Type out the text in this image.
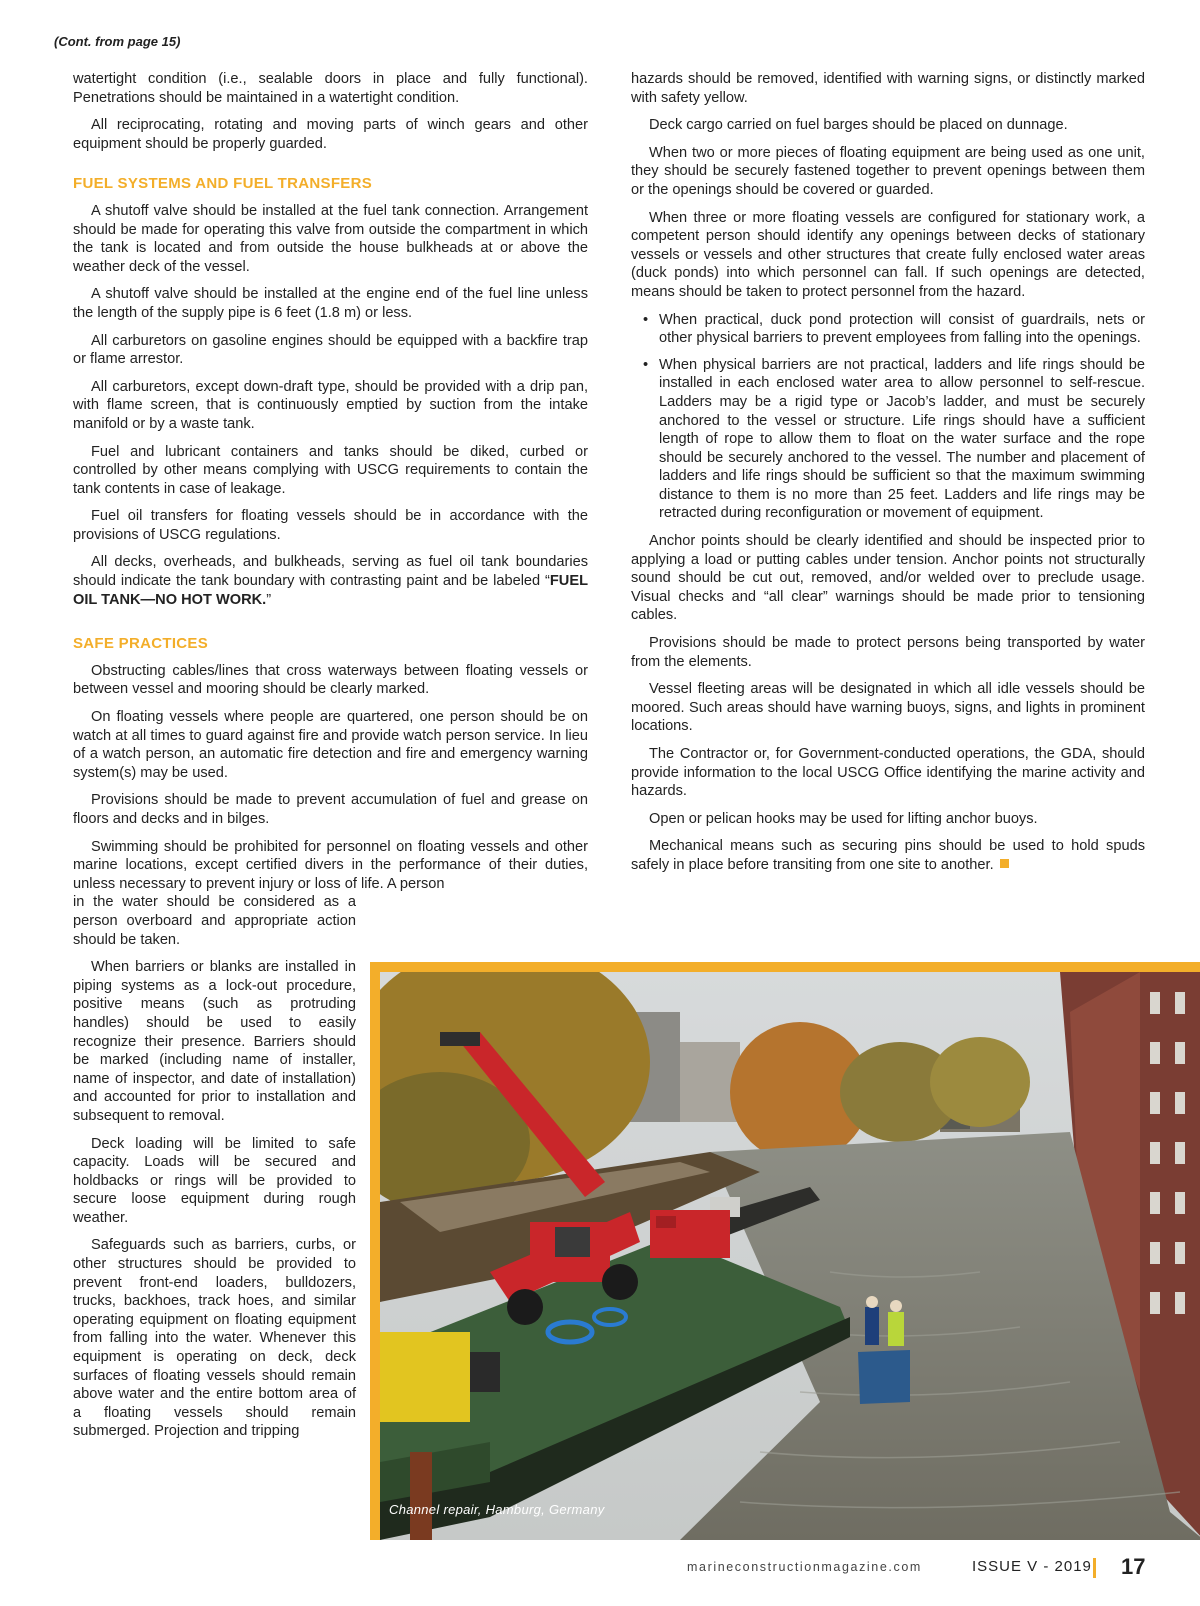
(Cont. from page 15)

watertight condition (i.e., sealable doors in place and fully functional). Penetrations should be maintained in a watertight condition.

All reciprocating, rotating and moving parts of winch gears and other equipment should be properly guarded.

FUEL SYSTEMS AND FUEL TRANSFERS

A shutoff valve should be installed at the fuel tank connection. Arrangement should be made for operating this valve from outside the compartment in which the tank is located and from outside the house bulkheads at or above the weather deck of the vessel.

A shutoff valve should be installed at the engine end of the fuel line unless the length of the supply pipe is 6 feet (1.8 m) or less.

All carburetors on gasoline engines should be equipped with a backfire trap or flame arrestor.

All carburetors, except down-draft type, should be provided with a drip pan, with flame screen, that is continuously emptied by suction from the intake manifold or by a waste tank.

Fuel and lubricant containers and tanks should be diked, curbed or controlled by other means complying with USCG requirements to contain the tank contents in case of leakage.

Fuel oil transfers for floating vessels should be in accordance with the provisions of USCG regulations.

All decks, overheads, and bulkheads, serving as fuel oil tank boundaries should indicate the tank boundary with contrasting paint and be labeled “FUEL OIL TANK—NO HOT WORK.”

SAFE PRACTICES

Obstructing cables/lines that cross waterways between floating vessels or between vessel and mooring should be clearly marked.

On floating vessels where people are quartered, one person should be on watch at all times to guard against fire and provide watch person service. In lieu of a watch person, an automatic fire detection and fire and emergency warning system(s) may be used.

Provisions should be made to prevent accumulation of fuel and grease on floors and decks and in bilges.

Swimming should be prohibited for personnel on floating vessels and other marine locations, except certified divers in the performance of their duties, unless necessary to prevent injury or loss of life. A person

in the water should be considered as a person overboard and appropriate action should be taken.

When barriers or blanks are installed in piping systems as a lock-out procedure, positive means (such as protruding handles) should be used to easily recognize their presence. Barriers should be marked (including name of installer, name of inspector, and date of installation) and accounted for prior to installation and subsequent to removal.

Deck loading will be limited to safe capacity. Loads will be secured and holdbacks or rings will be provided to secure loose equipment during rough weather.

Safeguards such as barriers, curbs, or other structures should be provided to prevent front-end loaders, bulldozers, trucks, backhoes, track hoes, and similar operating equipment on floating equipment from falling into the water. Whenever this equipment is operating on deck, deck surfaces of floating vessels should remain above water and the entire bottom area of a floating vessels should remain submerged. Projection and tripping

hazards should be removed, identified with warning signs, or distinctly marked with safety yellow.

Deck cargo carried on fuel barges should be placed on dunnage.

When two or more pieces of floating equipment are being used as one unit, they should be securely fastened together to prevent openings between them or the openings should be covered or guarded.

When three or more floating vessels are configured for stationary work, a competent person should identify any openings between decks of stationary vessels or vessels and other structures that create fully enclosed water areas (duck ponds) into which personnel can fall. If such openings are detected, means should be taken to protect personnel from the hazard.

• When practical, duck pond protection will consist of guardrails, nets or other physical barriers to prevent employees from falling into the openings.
• When physical barriers are not practical, ladders and life rings should be installed in each enclosed water area to allow personnel to self-rescue. Ladders may be a rigid type or Jacob’s ladder, and must be securely anchored to the vessel or structure. Life rings should have a sufficient length of rope to allow them to float on the water surface and the rope should be securely anchored to the vessel. The number and placement of ladders and life rings should be sufficient so that the maximum swimming distance to them is no more than 25 feet. Ladders and life rings may be retracted during reconfiguration or movement of equipment.

Anchor points should be clearly identified and should be inspected prior to applying a load or putting cables under tension. Anchor points not structurally sound should be cut out, removed, and/or welded over to preclude usage. Visual checks and “all clear” warnings should be made prior to tensioning cables.

Provisions should be made to protect persons being transported by water from the elements.

Vessel fleeting areas will be designated in which all idle vessels should be moored. Such areas should have warning buoys, signs, and lights in prominent locations.

The Contractor or, for Government-conducted operations, the GDA, should provide information to the local USCG Office identifying the marine activity and hazards.

Open or pelican hooks may be used for lifting anchor buoys.

Mechanical means such as securing pins should be used to hold spuds safely in place before transiting from one site to another.

Channel repair, Hamburg, Germany
marineconstructionmagazine.com	ISSUE V - 2019 17
